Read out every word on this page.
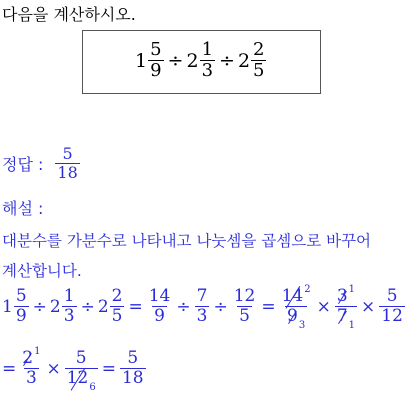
다음을 계산하시오.
$1 \frac{5}{9} \div 2 \frac{1}{3} \div 2 \frac{2}{5}$
정답 : $\frac{5}{18}$
해설 :
대분수를 가분수로 나타내고 나눗셈을 곱셈으로 바꾸어
계산합니다.
$1 \frac{5}{9} \div 2 \frac{1}{3} \div 2 \frac{2}{5} = \frac{14}{9} \div \frac{7}{3} \div \frac{12}{5} = \frac{14^2}{9_3} \times \frac{3^1}{7_1} \times \frac{5}{12}$
= $\frac{2^1}{3} \times \frac{5}{12_6} = \frac{5}{18}$
